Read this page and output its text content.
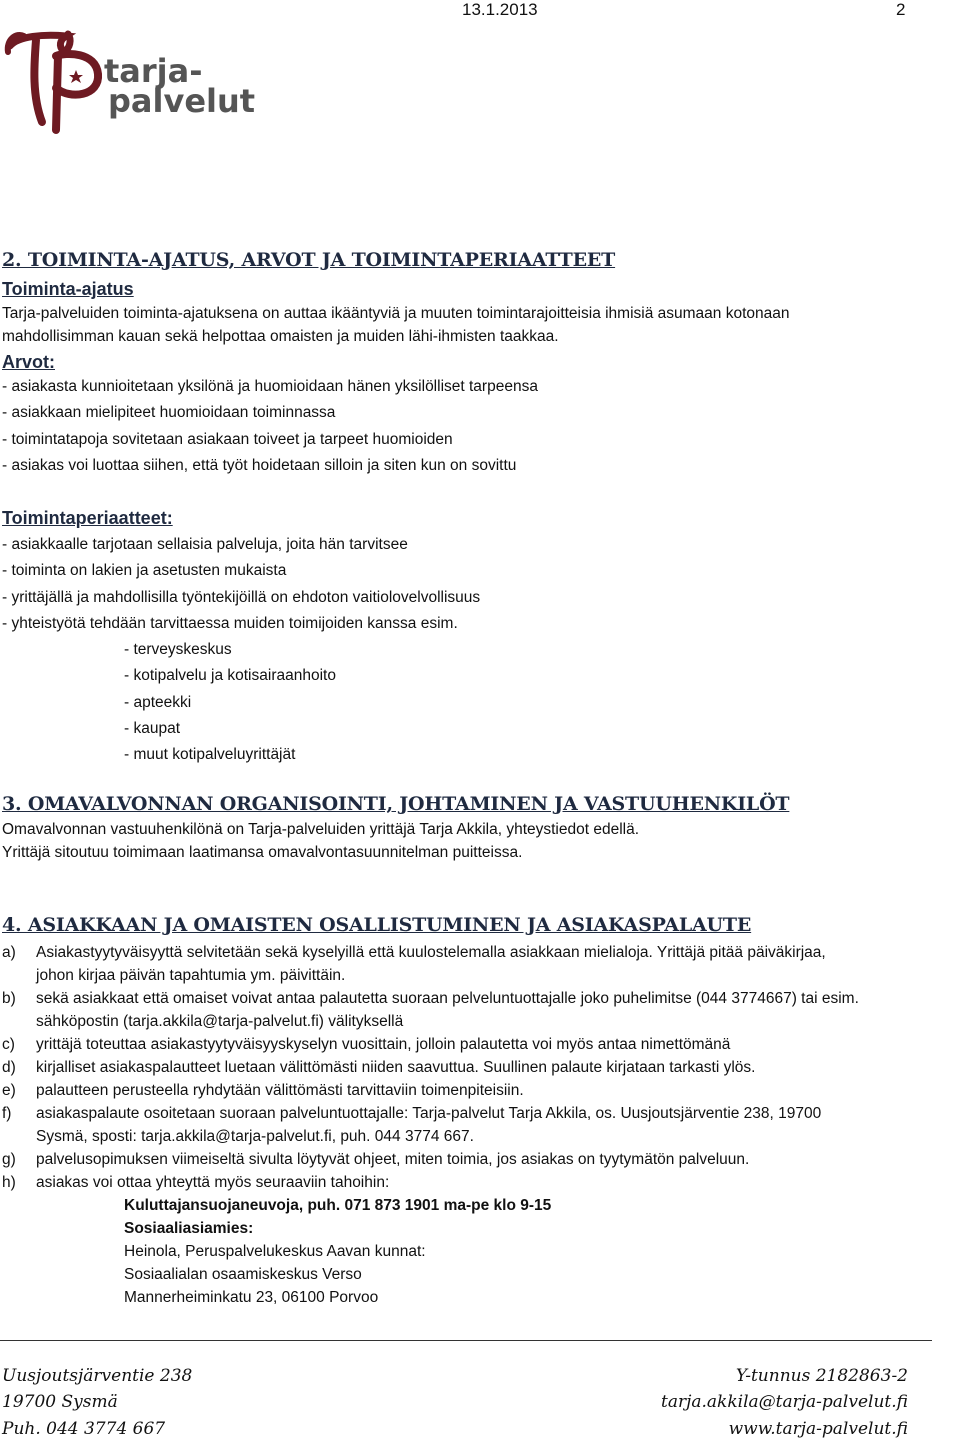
13.1.2013	2
tarja-
palvelut
2. TOIMINTA-AJATUS, ARVOT JA TOIMINTAPERIAATTEET
Toiminta-ajatus
Tarja-palveluiden toiminta-ajatuksena on auttaa ikääntyviä ja muuten toimintarajoitteisia ihmisiä asumaan kotonaan
mahdollisimman kauan sekä helpottaa omaisten ja muiden lähi-ihmisten taakkaa.
Arvot:
- asiakasta kunnioitetaan yksilönä ja huomioidaan hänen yksilölliset tarpeensa
- asiakkaan mielipiteet huomioidaan toiminnassa
- toimintatapoja sovitetaan asiakaan toiveet ja tarpeet huomioiden
- asiakas voi luottaa siihen, että työt hoidetaan silloin ja siten kun on sovittu
Toimintaperiaatteet:
- asiakkaalle tarjotaan sellaisia palveluja, joita hän tarvitsee
- toiminta on lakien ja asetusten mukaista
- yrittäjällä ja mahdollisilla työntekijöillä on ehdoton vaitiolovelvollisuus
- yhteistyötä tehdään tarvittaessa muiden toimijoiden kanssa esim.
- terveyskeskus
- kotipalvelu ja kotisairaanhoito
- apteekki
- kaupat
- muut kotipalveluyrittäjät
3. OMAVALVONNAN ORGANISOINTI, JOHTAMINEN JA VASTUUHENKILÖT
Omavalvonnan vastuuhenkilönä on Tarja-palveluiden yrittäjä Tarja Akkila, yhteystiedot edellä.
Yrittäjä sitoutuu toimimaan laatimansa omavalvontasuunnitelman puitteissa.
4. ASIAKKAAN JA OMAISTEN OSALLISTUMINEN JA ASIAKASPALAUTE
a) Asiakastyytyväisyyttä selvitetään sekä kyselyillä että kuulostelemalla asiakkaan mielialoja. Yrittäjä pitää päiväkirjaa,
johon kirjaa päivän tapahtumia ym. päivittäin.
b) sekä asiakkaat että omaiset voivat antaa palautetta suoraan pelveluntuottajalle joko puhelimitse (044 3774667) tai esim.
sähköpostin (tarja.akkila@tarja-palvelut.fi) välityksellä
c) yrittäjä toteuttaa asiakastyytyväisyyskyselyn vuosittain, jolloin palautetta voi myös antaa nimettömänä
d) kirjalliset asiakaspalautteet luetaan välittömästi niiden saavuttua. Suullinen palaute kirjataan tarkasti ylös.
e) palautteen perusteella ryhdytään välittömästi tarvittaviin toimenpiteisiin.
f) asiakaspalaute osoitetaan suoraan palveluntuottajalle: Tarja-palvelut Tarja Akkila, os. Uusjoutsjärventie 238, 19700
Sysmä, sposti: tarja.akkila@tarja-palvelut.fi, puh. 044 3774 667.
g) palvelusopimuksen viimeiseltä sivulta löytyvät ohjeet, miten toimia, jos asiakas on tyytymätön palveluun.
h) asiakas voi ottaa yhteyttä myös seuraaviin tahoihin:
Kuluttajansuojaneuvoja, puh. 071 873 1901 ma-pe klo 9-15
Sosiaaliasiamies:
Heinola, Peruspalvelukeskus Aavan kunnat:
Sosiaalialan osaamiskeskus Verso
Mannerheiminkatu 23, 06100 Porvoo
Uusjoutsjärventie 238
19700 Sysmä
Puh. 044 3774 667
Y-tunnus 2182863-2
tarja.akkila@tarja-palvelut.fi
www.tarja-palvelut.fi
